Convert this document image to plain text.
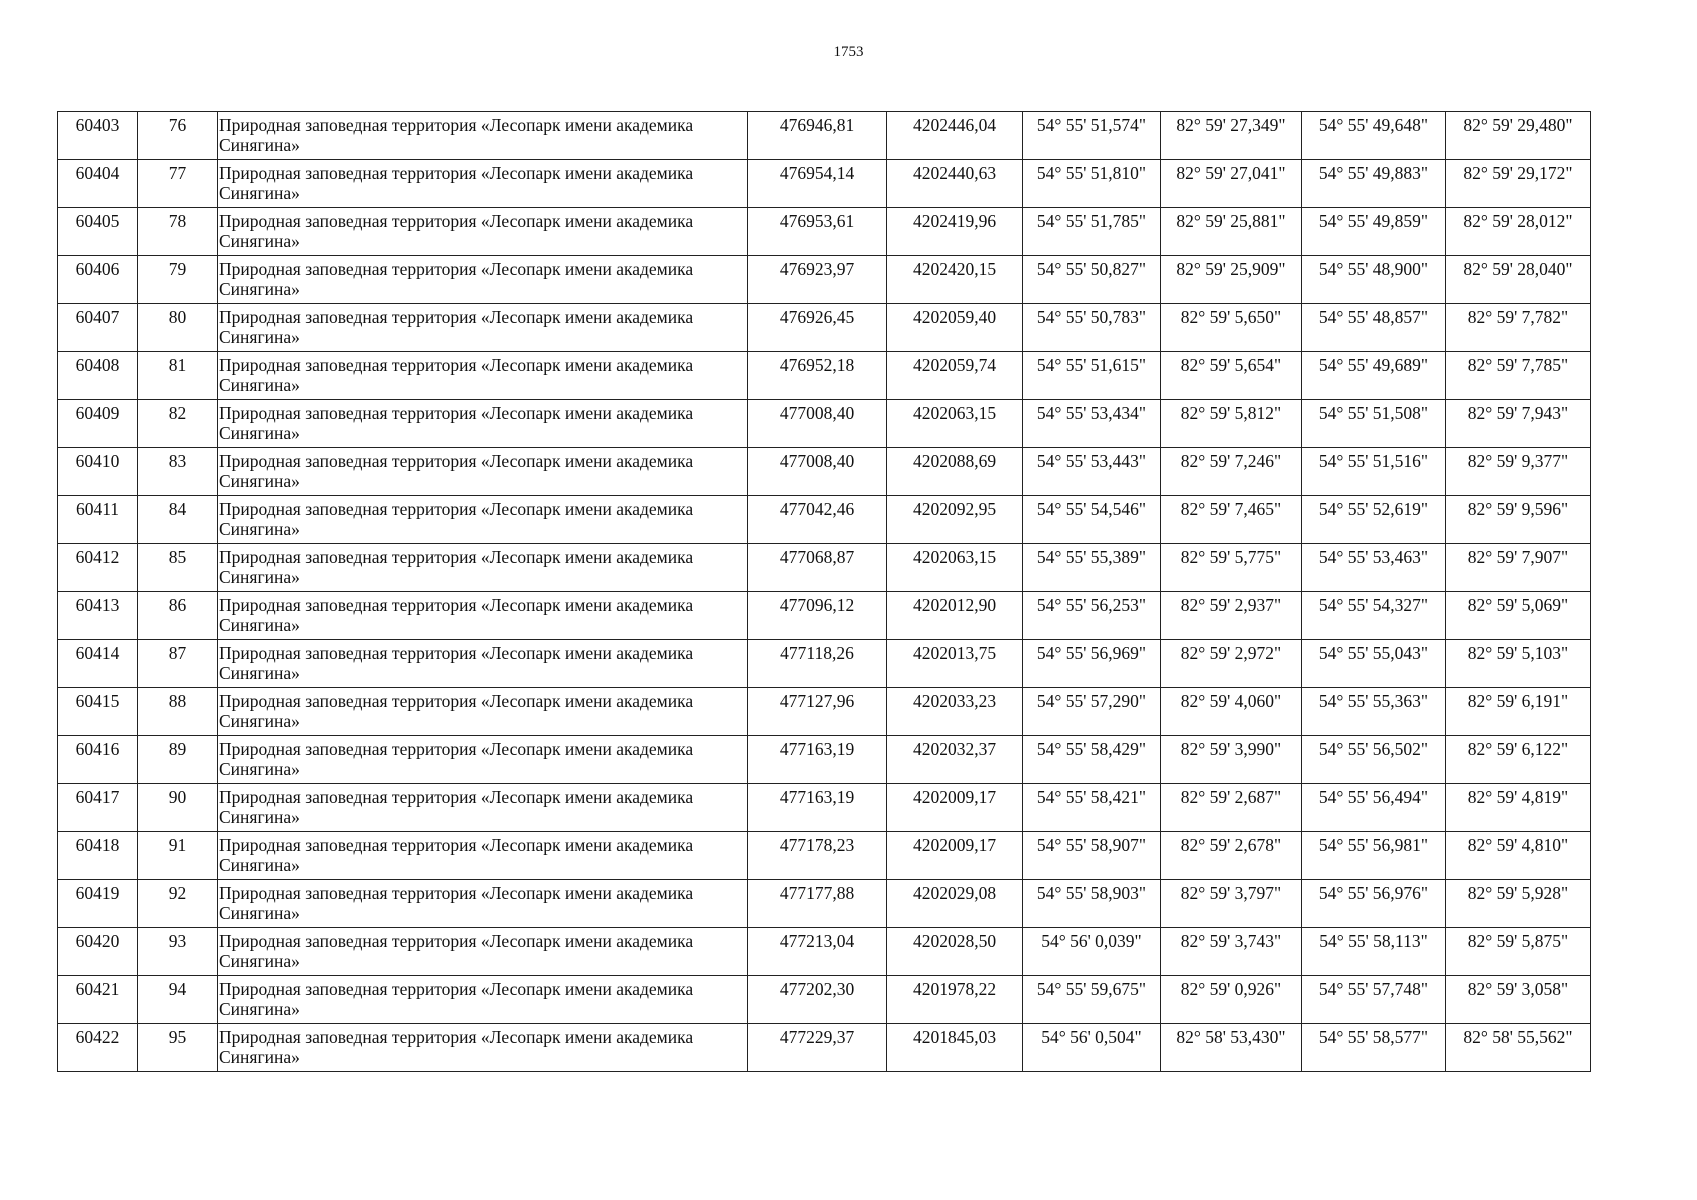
1753
60403	76	Природная заповедная территория «Лесопарк имени академика Синягина»	476946,81	4202446,04	54° 55' 51,574"	82° 59' 27,349"	54° 55' 49,648"	82° 59' 29,480"
60404	77	Природная заповедная территория «Лесопарк имени академика Синягина»	476954,14	4202440,63	54° 55' 51,810"	82° 59' 27,041"	54° 55' 49,883"	82° 59' 29,172"
60405	78	Природная заповедная территория «Лесопарк имени академика Синягина»	476953,61	4202419,96	54° 55' 51,785"	82° 59' 25,881"	54° 55' 49,859"	82° 59' 28,012"
60406	79	Природная заповедная территория «Лесопарк имени академика Синягина»	476923,97	4202420,15	54° 55' 50,827"	82° 59' 25,909"	54° 55' 48,900"	82° 59' 28,040"
60407	80	Природная заповедная территория «Лесопарк имени академика Синягина»	476926,45	4202059,40	54° 55' 50,783"	82° 59' 5,650"	54° 55' 48,857"	82° 59' 7,782"
60408	81	Природная заповедная территория «Лесопарк имени академика Синягина»	476952,18	4202059,74	54° 55' 51,615"	82° 59' 5,654"	54° 55' 49,689"	82° 59' 7,785"
60409	82	Природная заповедная территория «Лесопарк имени академика Синягина»	477008,40	4202063,15	54° 55' 53,434"	82° 59' 5,812"	54° 55' 51,508"	82° 59' 7,943"
60410	83	Природная заповедная территория «Лесопарк имени академика Синягина»	477008,40	4202088,69	54° 55' 53,443"	82° 59' 7,246"	54° 55' 51,516"	82° 59' 9,377"
60411	84	Природная заповедная территория «Лесопарк имени академика Синягина»	477042,46	4202092,95	54° 55' 54,546"	82° 59' 7,465"	54° 55' 52,619"	82° 59' 9,596"
60412	85	Природная заповедная территория «Лесопарк имени академика Синягина»	477068,87	4202063,15	54° 55' 55,389"	82° 59' 5,775"	54° 55' 53,463"	82° 59' 7,907"
60413	86	Природная заповедная территория «Лесопарк имени академика Синягина»	477096,12	4202012,90	54° 55' 56,253"	82° 59' 2,937"	54° 55' 54,327"	82° 59' 5,069"
60414	87	Природная заповедная территория «Лесопарк имени академика Синягина»	477118,26	4202013,75	54° 55' 56,969"	82° 59' 2,972"	54° 55' 55,043"	82° 59' 5,103"
60415	88	Природная заповедная территория «Лесопарк имени академика Синягина»	477127,96	4202033,23	54° 55' 57,290"	82° 59' 4,060"	54° 55' 55,363"	82° 59' 6,191"
60416	89	Природная заповедная территория «Лесопарк имени академика Синягина»	477163,19	4202032,37	54° 55' 58,429"	82° 59' 3,990"	54° 55' 56,502"	82° 59' 6,122"
60417	90	Природная заповедная территория «Лесопарк имени академика Синягина»	477163,19	4202009,17	54° 55' 58,421"	82° 59' 2,687"	54° 55' 56,494"	82° 59' 4,819"
60418	91	Природная заповедная территория «Лесопарк имени академика Синягина»	477178,23	4202009,17	54° 55' 58,907"	82° 59' 2,678"	54° 55' 56,981"	82° 59' 4,810"
60419	92	Природная заповедная территория «Лесопарк имени академика Синягина»	477177,88	4202029,08	54° 55' 58,903"	82° 59' 3,797"	54° 55' 56,976"	82° 59' 5,928"
60420	93	Природная заповедная территория «Лесопарк имени академика Синягина»	477213,04	4202028,50	54° 56' 0,039"	82° 59' 3,743"	54° 55' 58,113"	82° 59' 5,875"
60421	94	Природная заповедная территория «Лесопарк имени академика Синягина»	477202,30	4201978,22	54° 55' 59,675"	82° 59' 0,926"	54° 55' 57,748"	82° 59' 3,058"
60422	95	Природная заповедная территория «Лесопарк имени академика Синягина»	477229,37	4201845,03	54° 56' 0,504"	82° 58' 53,430"	54° 55' 58,577"	82° 58' 55,562"
